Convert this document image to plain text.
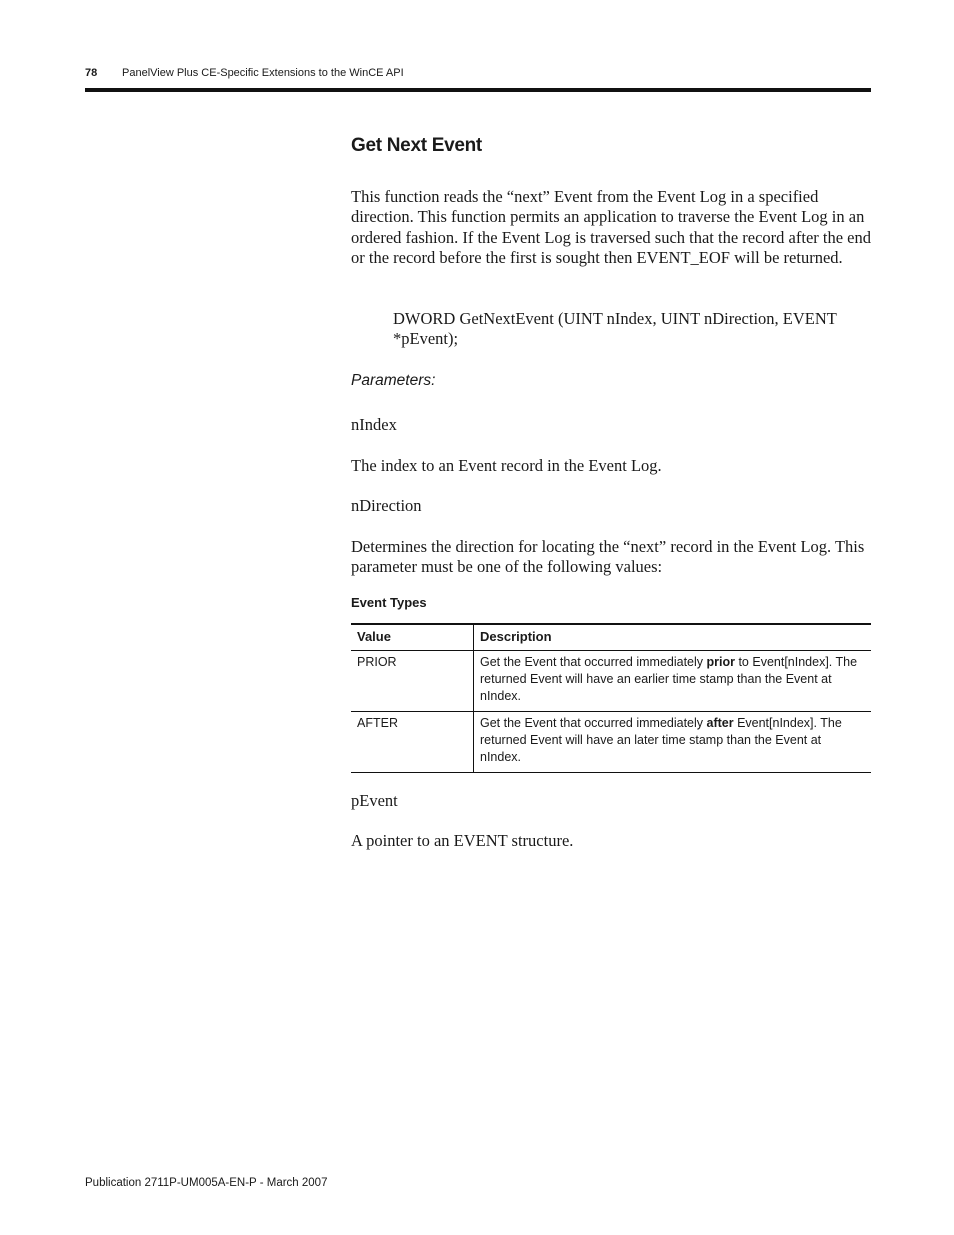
78 PanelView Plus CE-Specific Extensions to the WinCE API
Get Next Event

This function reads the “next” Event from the Event Log in a specified direction. This function permits an application to traverse the Event Log in an ordered fashion. If the Event Log is traversed such that the record after the end or the record before the first is sought then EVENT_EOF will be returned.

DWORD GetNextEvent (UINT nIndex, UINT nDirection, EVENT
*pEvent);

Parameters:

nIndex

The index to an Event record in the Event Log.

nDirection

Determines the direction for locating the “next” record in the Event Log. This parameter must be one of the following values:

Event Types

Value	Description
PRIOR	Get the Event that occurred immediately prior to Event[nIndex]. The returned Event will have an earlier time stamp than the Event at nIndex.
AFTER	Get the Event that occurred immediately after Event[nIndex]. The returned Event will have an later time stamp than the Event at nIndex.

pEvent

A pointer to an EVENT structure.

Publication 2711P-UM005A-EN-P - March 2007
